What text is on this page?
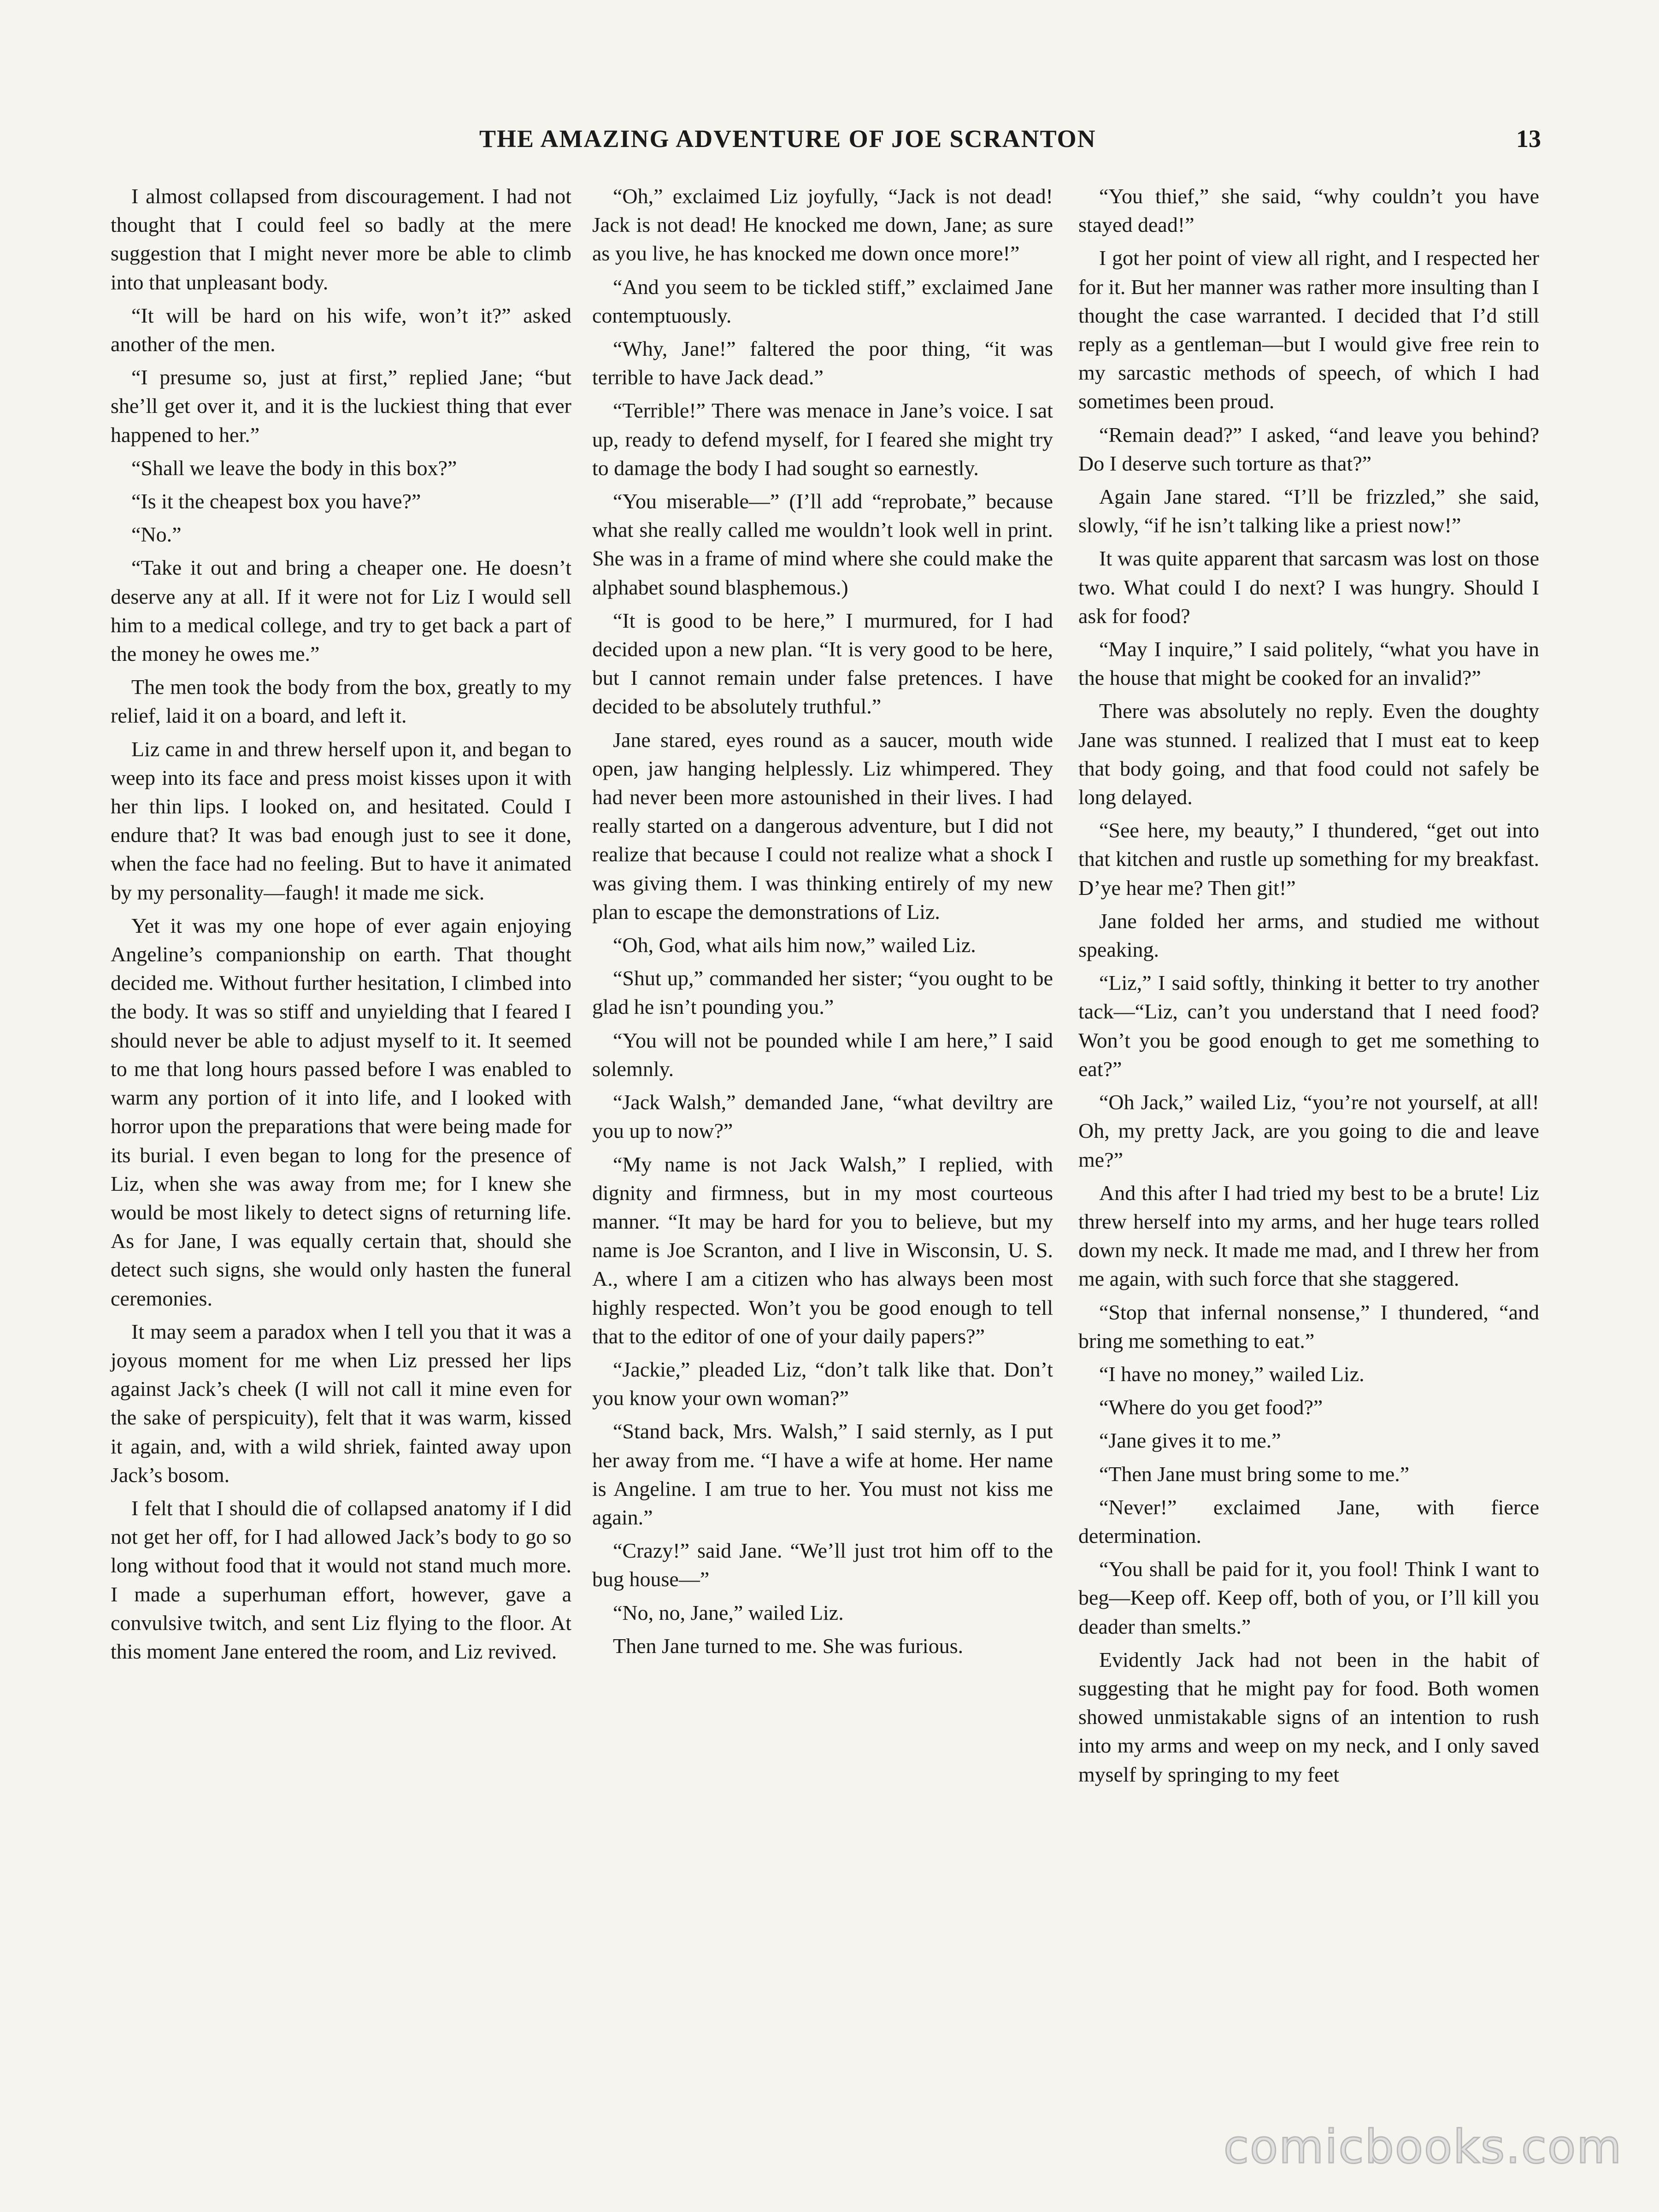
THE AMAZING ADVENTURE OF JOE SCRANTON	13

I almost collapsed from discouragement. I had not thought that I could feel so badly at the mere suggestion that I might never more be able to climb into that unpleasant body.

“It will be hard on his wife, won’t it?” asked another of the men.

“I presume so, just at first,” replied Jane; “but she’ll get over it, and it is the luckiest thing that ever happened to her.”

“Shall we leave the body in this box?”

“Is it the cheapest box you have?”

“No.”

“Take it out and bring a cheaper one. He doesn’t deserve any at all. If it were not for Liz I would sell him to a medical college, and try to get back a part of the money he owes me.”

The men took the body from the box, greatly to my relief, laid it on a board, and left it.

Liz came in and threw herself upon it, and began to weep into its face and press moist kisses upon it with her thin lips. I looked on, and hesitated. Could I endure that? It was bad enough just to see it done, when the face had no feeling. But to have it animated by my personality—faugh! it made me sick.

Yet it was my one hope of ever again enjoying Angeline’s companionship on earth. That thought decided me. Without further hesitation, I climbed into the body. It was so stiff and unyielding that I feared I should never be able to adjust myself to it. It seemed to me that long hours passed before I was enabled to warm any portion of it into life, and I looked with horror upon the preparations that were being made for its burial. I even began to long for the presence of Liz, when she was away from me; for I knew she would be most likely to detect signs of returning life. As for Jane, I was equally certain that, should she detect such signs, she would only hasten the funeral ceremonies.

It may seem a paradox when I tell you that it was a joyous moment for me when Liz pressed her lips against Jack’s cheek (I will not call it mine even for the sake of perspicuity), felt that it was warm, kissed it again, and, with a wild shriek, fainted away upon Jack’s bosom.

I felt that I should die of collapsed anatomy if I did not get her off, for I had allowed Jack’s body to go so long without food that it would not stand much more. I made a superhuman effort, however, gave a convulsive twitch, and sent Liz flying to the floor. At this moment Jane entered the room, and Liz revived.

“Oh,” exclaimed Liz joyfully, “Jack is not dead! Jack is not dead! He knocked me down, Jane; as sure as you live, he has knocked me down once more!”

“And you seem to be tickled stiff,” exclaimed Jane contemptuously.

“Why, Jane!” faltered the poor thing, “it was terrible to have Jack dead.”

“Terrible!” There was menace in Jane’s voice. I sat up, ready to defend myself, for I feared she might try to damage the body I had sought so earnestly.

“You miserable—” (I’ll add “reprobate,” because what she really called me wouldn’t look well in print. She was in a frame of mind where she could make the alphabet sound blasphemous.)

“It is good to be here,” I murmured, for I had decided upon a new plan. “It is very good to be here, but I cannot remain under false pretences. I have decided to be absolutely truthful.”

Jane stared, eyes round as a saucer, mouth wide open, jaw hanging helplessly. Liz whimpered. They had never been more astounished in their lives. I had really started on a dangerous adventure, but I did not realize that because I could not realize what a shock I was giving them. I was thinking entirely of my new plan to escape the demonstrations of Liz.

“Oh, God, what ails him now,” wailed Liz.

“Shut up,” commanded her sister; “you ought to be glad he isn’t pounding you.”

“You will not be pounded while I am here,” I said solemnly.

“Jack Walsh,” demanded Jane, “what deviltry are you up to now?”

“My name is not Jack Walsh,” I replied, with dignity and firmness, but in my most courteous manner. “It may be hard for you to believe, but my name is Joe Scranton, and I live in Wisconsin, U. S. A., where I am a citizen who has always been most highly respected. Won’t you be good enough to tell that to the editor of one of your daily papers?”

“Jackie,” pleaded Liz, “don’t talk like that. Don’t you know your own woman?”

“Stand back, Mrs. Walsh,” I said sternly, as I put her away from me. “I have a wife at home. Her name is Angeline. I am true to her. You must not kiss me again.”

“Crazy!” said Jane. “We’ll just trot him off to the bug house—”

“No, no, Jane,” wailed Liz.

Then Jane turned to me. She was furious.

“You thief,” she said, “why couldn’t you have stayed dead!”

I got her point of view all right, and I respected her for it. But her manner was rather more insulting than I thought the case warranted. I decided that I’d still reply as a gentleman—but I would give free rein to my sarcastic methods of speech, of which I had sometimes been proud.

“Remain dead?” I asked, “and leave you behind? Do I deserve such torture as that?”

Again Jane stared. “I’ll be frizzled,” she said, slowly, “if he isn’t talking like a priest now!”

It was quite apparent that sarcasm was lost on those two. What could I do next? I was hungry. Should I ask for food?

“May I inquire,” I said politely, “what you have in the house that might be cooked for an invalid?”

There was absolutely no reply. Even the doughty Jane was stunned. I realized that I must eat to keep that body going, and that food could not safely be long delayed.

“See here, my beauty,” I thundered, “get out into that kitchen and rustle up something for my breakfast. D’ye hear me? Then git!”

Jane folded her arms, and studied me without speaking.

“Liz,” I said softly, thinking it better to try another tack—“Liz, can’t you understand that I need food? Won’t you be good enough to get me something to eat?”

“Oh Jack,” wailed Liz, “you’re not yourself, at all! Oh, my pretty Jack, are you going to die and leave me?”

And this after I had tried my best to be a brute! Liz threw herself into my arms, and her huge tears rolled down my neck. It made me mad, and I threw her from me again, with such force that she staggered.

“Stop that infernal nonsense,” I thundered, “and bring me something to eat.”

“I have no money,” wailed Liz.

“Where do you get food?”

“Jane gives it to me.”

“Then Jane must bring some to me.”

“Never!” exclaimed Jane, with fierce determination.

“You shall be paid for it, you fool! Think I want to beg—Keep off. Keep off, both of you, or I’ll kill you deader than smelts.”

Evidently Jack had not been in the habit of suggesting that he might pay for food. Both women showed unmistakable signs of an intention to rush into my arms and weep on my neck, and I only saved myself by springing to my feet

comicbooks.com
